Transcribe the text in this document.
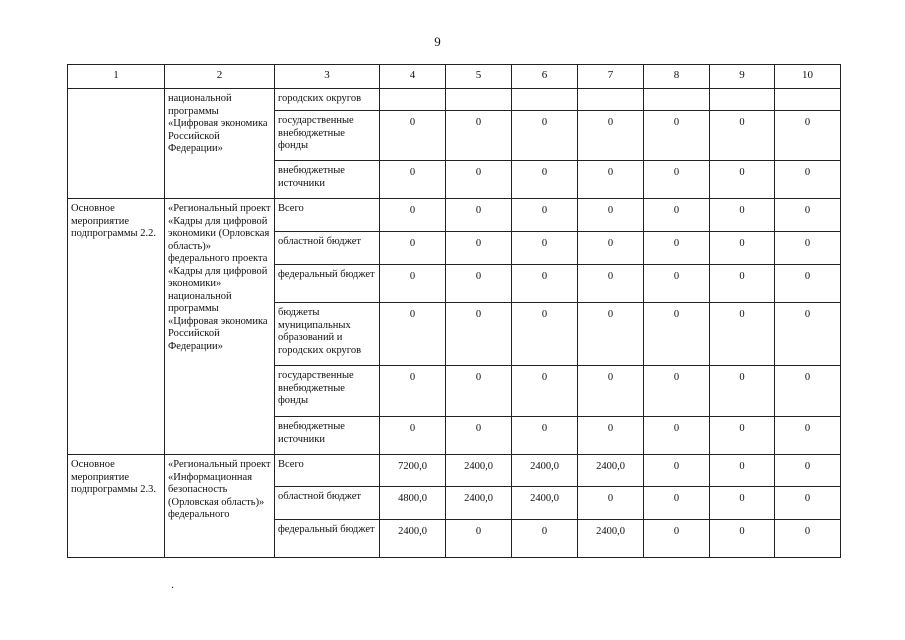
9
1	2	3	4	5	6	7	8	9	10
	национальной программы «Цифровая экономика Российской Федерации»	городских округов							
		государственные внебюджетные фонды	0	0	0	0	0	0	0
		внебюджетные источники	0	0	0	0	0	0	0
Основное мероприятие подпрограммы 2.2.	«Региональный проект «Кадры для цифровой экономики (Орловская область)» федерального проекта «Кадры для цифровой экономики» национальной программы «Цифровая экономика Российской Федерации»	Всего	0	0	0	0	0	0	0
		областной бюджет	0	0	0	0	0	0	0
		федеральный бюджет	0	0	0	0	0	0	0
		бюджеты муниципальных образований и городских округов	0	0	0	0	0	0	0
		государственные внебюджетные фонды	0	0	0	0	0	0	0
		внебюджетные источники	0	0	0	0	0	0	0
Основное мероприятие подпрограммы 2.3.	«Региональный проект «Информационная безопасность (Орловская область)» федерального	Всего	7200,0	2400,0	2400,0	2400,0	0	0	0
		областной бюджет	4800,0	2400,0	2400,0	0	0	0	0
		федеральный бюджет	2400,0	0	0	2400,0	0	0	0
.
